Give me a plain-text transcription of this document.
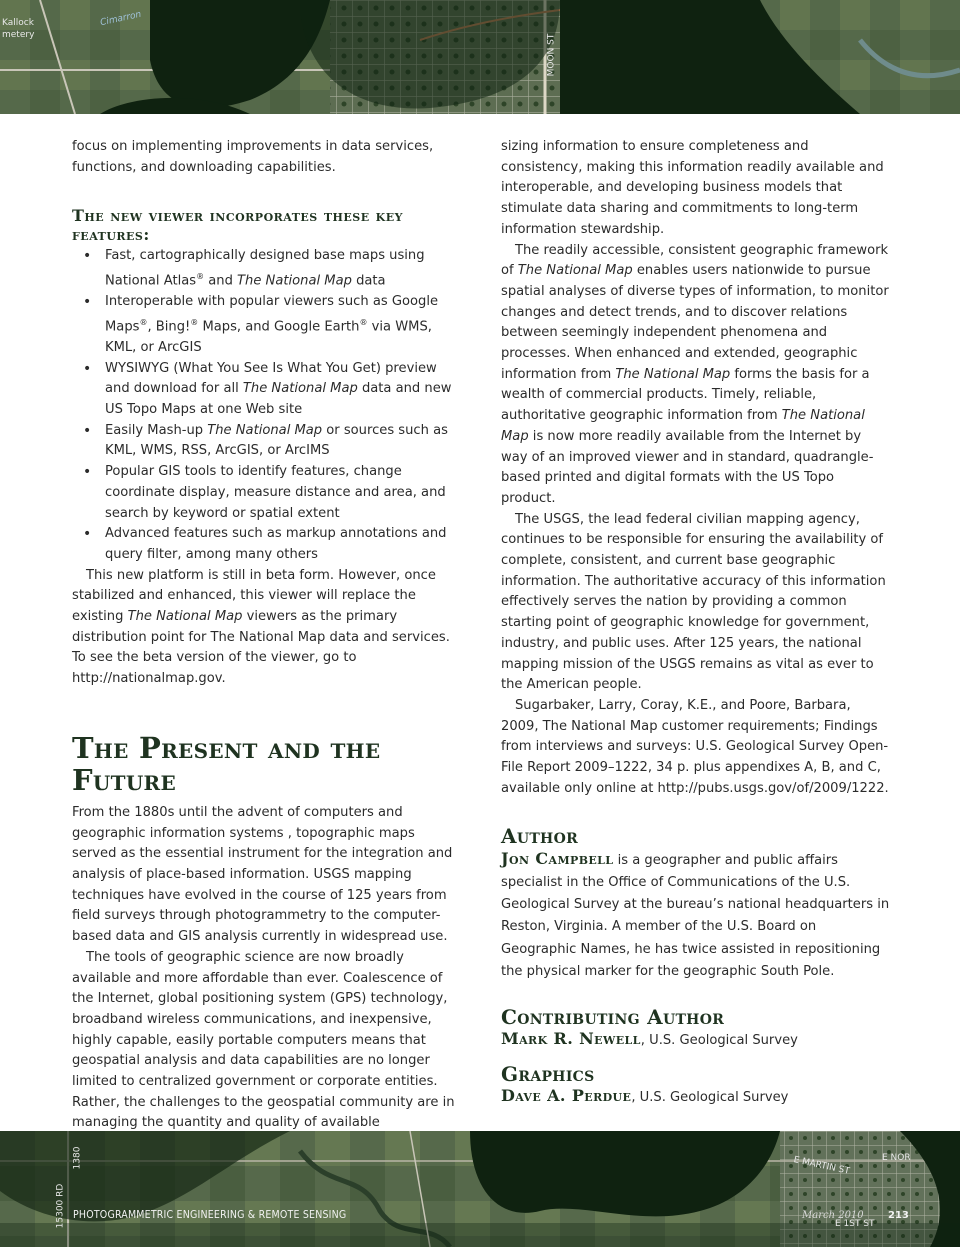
Kallock
metery
Cimarron
MOON ST

focus on implementing improvements in data services, functions, and downloading capabilities.

The new viewer incorporates these key features:
• Fast, cartographically designed base maps using National Atlas® and The National Map data
• Interoperable with popular viewers such as Google Maps®, Bing!® Maps, and Google Earth® via WMS, KML, or ArcGIS
• WYSIWYG (What You See Is What You Get) preview and download for all The National Map data and new US Topo Maps at one Web site
• Easily Mash-up The National Map or sources such as KML, WMS, RSS, ArcGIS, or ArcIMS
• Popular GIS tools to identify features, change coordinate display, measure distance and area, and search by keyword or spatial extent
• Advanced features such as markup annotations and query filter, among many others

This new platform is still in beta form. However, once stabilized and enhanced, this viewer will replace the existing The National Map viewers as the primary distribution point for The National Map data and services. To see the beta version of the viewer, go to http://nationalmap.gov.

The Present and the Future

From the 1880s until the advent of computers and geographic information systems , topographic maps served as the essential instrument for the integration and analysis of place-based information. USGS mapping techniques have evolved in the course of 125 years from field surveys through photogrammetry to the computer-based data and GIS analysis currently in widespread use.

The tools of geographic science are now broadly available and more affordable than ever. Coalescence of the Internet, global positioning system (GPS) technology, broadband wireless communications, and inexpensive, highly capable, easily portable computers means that geospatial analysis and data capabilities are no longer limited to centralized government or corporate entities. Rather, the challenges to the geospatial community are in managing the quantity and quality of available

sizing information to ensure completeness and consistency, making this information readily available and interoperable, and developing business models that stimulate data sharing and commitments to long-term information stewardship.

The readily accessible, consistent geographic framework of The National Map enables users nationwide to pursue spatial analyses of diverse types of information, to monitor changes and detect trends, and to discover relations between seemingly independent phenomena and processes. When enhanced and extended, geographic information from The National Map forms the basis for a wealth of commercial products. Timely, reliable, authoritative geographic information from The National Map is now more readily available from the Internet by way of an improved viewer and in standard, quadrangle-based printed and digital formats with the US Topo product.

The USGS, the lead federal civilian mapping agency, continues to be responsible for ensuring the availability of complete, consistent, and current base geographic information. The authoritative accuracy of this information effectively serves the nation by providing a common starting point of geographic knowledge for government, industry, and public uses. After 125 years, the national mapping mission of the USGS remains as vital as ever to the American people.

Sugarbaker, Larry, Coray, K.E., and Poore, Barbara, 2009, The National Map customer requirements; Findings from interviews and surveys: U.S. Geological Survey Open-File Report 2009–1222, 34 p. plus appendixes A, B, and C, available only online at http://pubs.usgs.gov/of/2009/1222.

Author

Jon Campbell is a geographer and public affairs specialist in the Office of Communications of the U.S. Geological Survey at the bureau’s national headquarters in Reston, Virginia. A member of the U.S. Board on Geographic Names, he has twice assisted in repositioning the physical marker for the geographic South Pole.

Contributing Author

Mark R. Newell, U.S. Geological Survey

Graphics

Dave A. Perdue, U.S. Geological Survey

E MARTIN ST	E NOR
E 1ST ST
15300 RD
1380
PHOTOGRAMMETRIC ENGINEERING & REMOTE SENSING	March 2010 213
